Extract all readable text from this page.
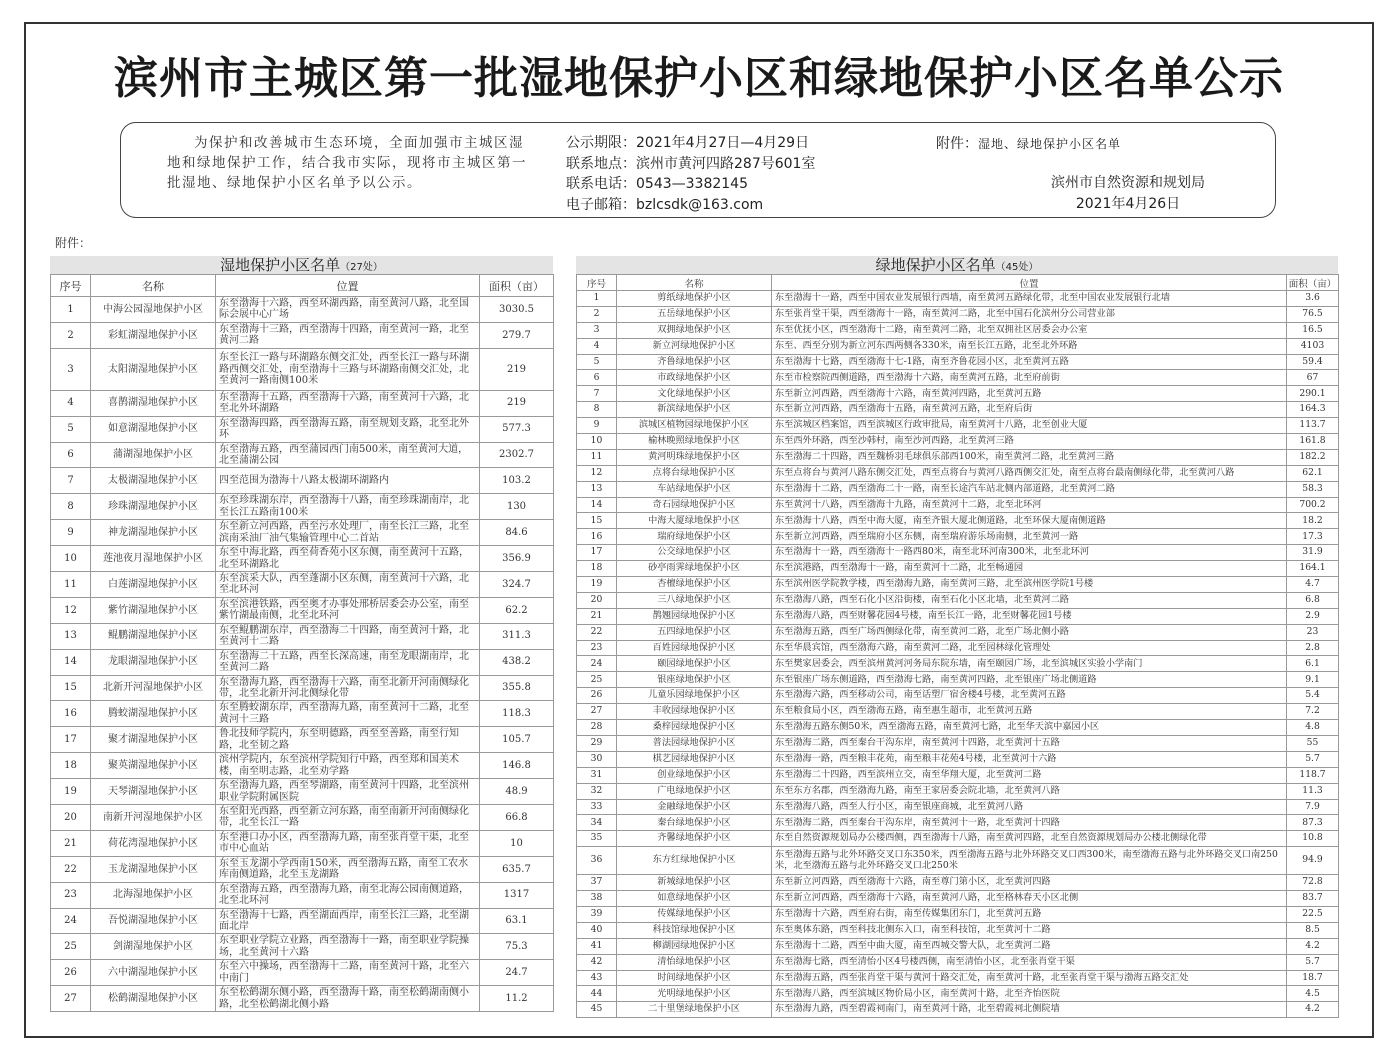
滨州市主城区第一批湿地保护小区和绿地保护小区名单公示

为保护和改善城市生态环境，全面加强市主城区湿地和绿地保护工作，结合我市实际，现将市主城区第一批湿地、绿地保护小区名单予以公示。

公示期限：2021年4月27日—4月29日
联系地点：滨州市黄河四路287号601室
联系电话：0543—3382145
电子邮箱：bzlcsdk@163.com
附件：湿地、绿地保护小区名单
滨州市自然资源和规划局
2021年4月26日
附件：
湿地保护小区名单（27处）
序号	名称	位置	面积（亩）
1	中海公园湿地保护小区	东至渤海十六路，西至环湖西路，南至黄河八路，北至国际会展中心广场	3030.5
2	彩虹湖湿地保护小区	东至渤海十三路，西至渤海十四路，南至黄河一路，北至黄河二路	279.7
3	太阳湖湿地保护小区	东至长江一路与环湖路东侧交汇处，西至长江一路与环湖路西侧交汇处，南至渤海十三路与环湖路南侧交汇处，北至黄河一路南侧100米	219
4	喜鹊湖湿地保护小区	东至渤海十五路，西至渤海十六路，南至黄河十六路，北至北外环湖路	219
5	如意湖湿地保护小区	东至渤海四路，西至渤海五路，南至规划支路，北至北外环	577.3
6	蒲湖湿地保护小区	东至渤海五路，西至蒲园西门南500米，南至黄河大道，北至蒲湖公园	2302.7
7	太极湖湿地保护小区	四至范围为渤海十八路太极湖环湖路内	103.2
8	珍珠湖湿地保护小区	东至珍珠湖东岸，西至渤海十八路，南至珍珠湖南岸，北至长江五路南100米	130
9	神龙湖湿地保护小区	东至新立河西路，西至污水处理厂，南至长江三路，北至滨南采油厂油气集输管理中心二首站	84.6
10	莲池夜月湿地保护小区	东至中海北路，西至荷香苑小区东侧，南至黄河十五路，北至环湖路北	356.9
11	白莲湖湿地保护小区	东至滨采大队，西至蓬湖小区东侧，南至黄河十六路，北至北环河	324.7
12	紫竹湖湿地保护小区	东至滨港铁路，西至奥才办事处邢桥居委会办公室，南至紫竹湖最南侧，北至北环河	62.2
13	鲲鹏湖湿地保护小区	东至鲲鹏湖东岸，西至渤海二十四路，南至黄河十路，北至黄河十二路	311.3
14	龙眼湖湿地保护小区	东至渤海二十五路，西至长深高速，南至龙眼湖南岸，北至黄河二路	438.2
15	北新开河湿地保护小区	东至渤海九路，西至渤海十六路，南至北新开河南侧绿化带，北至北新开河北侧绿化带	355.8
16	腾蛟湖湿地保护小区	东至腾蛟湖东岸，西至渤海九路，南至黄河十二路，北至黄河十三路	118.3
17	聚才湖湿地保护小区	鲁北技师学院内，东至明德路，西至至善路，南至行知路，北至韧之路	105.7
18	聚英湖湿地保护小区	滨州学院内，东至滨州学院知行中路，西至郑和国美术楼，南至明志路，北至劝学路	146.8
19	天琴湖湿地保护小区	东至渤海九路，西至琴湖路，南至黄河十四路，北至滨州职业学院附属医院	48.9
20	南新开河湿地保护小区	东至阳光西路，西至新立河东路，南至南新开河南侧绿化带，北至长江一路	66.8
21	荷花湾湿地保护小区	东至港口办小区，西至渤海九路，南至张肖堂干渠，北至市中心血站	10
22	玉龙湖湿地保护小区	东至玉龙湖小学西南150米，西至渤海五路，南至工农水库南侧道路，北至玉龙湖路	635.7
23	北海湿地保护小区	东至渤海五路，西至渤海九路，南至北海公园南侧道路，北至北环河	1317
24	吾悦湖湿地保护小区	东至渤海十七路，西至湖面西岸，南至长江三路，北至湖面北岸	63.1
25	剑湖湿地保护小区	东至职业学院立业路，西至渤海十一路，南至职业学院操场，北至黄河十六路	75.3
26	六中湖湿地保护小区	东至六中操场，西至渤海十二路，南至黄河十路，北至六中南门	24.7
27	松鹤湖湿地保护小区	东至松鹤湖东侧小路，西至渤海十路，南至松鹤湖南侧小路，北至松鹤湖北侧小路	11.2
绿地保护小区名单（45处）
序号	名称	位置	面积（亩）
1	剪纸绿地保护小区	东至渤海十一路，西至中国农业发展银行西墙，南至黄河五路绿化带，北至中国农业发展银行北墙	3.6
2	五岳绿地保护小区	东至张肖堂干渠，西至渤海十一路，南至黄河二路，北至中国石化滨州分公司营业部	76.5
3	双拥绿地保护小区	东至优抚小区，西至渤海十二路，南至黄河二路，北至双拥社区居委会办公室	16.5
4	新立河绿地保护小区	东至、西至分别为新立河东西两侧各330米，南至长江五路，北至北外环路	4103
5	齐鲁绿地保护小区	东至渤海十七路，西至渤海十七-1路，南至齐鲁花园小区，北至黄河五路	59.4
6	市政绿地保护小区	东至市检察院西侧道路，西至渤海十六路，南至黄河五路，北至府前街	67
7	文化绿地保护小区	东至新立河西路，西至渤海十六路，南至黄河四路，北至黄河五路	290.1
8	新滨绿地保护小区	东至新立河西路，西至渤海十五路，南至黄河五路，北至府后街	164.3
9	滨城区植物园绿地保护小区	东至滨城区档案馆，西至滨城区行政审批局，南至黄河十八路，北至创业大厦	113.7
10	榆林晚照绿地保护小区	东至西外环路，西至沙韩村，南至沙河西路，北至黄河三路	161.8
11	黄河明珠绿地保护小区	东至渤海二十四路，西至魏桥羽毛球俱乐部西100米，南至黄河二路，北至黄河三路	182.2
12	点将台绿地保护小区	东至点将台与黄河八路东侧交汇处，西至点将台与黄河八路西侧交汇处，南至点将台最南侧绿化带，北至黄河八路	62.1
13	车站绿地保护小区	东至渤海十二路，西至渤海二十一路，南至长途汽车站北侧内部道路，北至黄河二路	58.3
14	奇石园绿地保护小区	东至黄河十八路，西至渤海十九路，南至黄河十二路，北至北环河	700.2
15	中海大厦绿地保护小区	东至渤海十八路，西至中海大厦，南至齐银大厦北侧道路，北至环保大厦南侧道路	18.2
16	瑞府绿地保护小区	东至新立河西路，西至瑞府小区东侧，南至瑞府游乐场南侧，北至黄河一路	17.3
17	公交绿地保护小区	东至渤海十一路，西至渤海十一路西80米，南至北环河南300米，北至北环河	31.9
18	砂亭雨霁绿地保护小区	东至滨港路，西至渤海十一路，南至黄河十二路，北至畅通园	164.1
19	杏檀绿地保护小区	东至滨州医学院教学楼，西至渤海九路，南至黄河三路，北至滨州医学院1号楼	4.7
20	三八绿地保护小区	东至渤海八路，西至石化小区沿街楼，南至石化小区北墙，北至黄河二路	6.8
21	鹊翘园绿地保护小区	东至渤海八路，西至财馨花园4号楼，南至长江一路，北至财馨花园1号楼	2.9
22	五四绿地保护小区	东至渤海五路，西至广场西侧绿化带，南至黄河二路，北至广场北侧小路	23
23	百姓园绿地保护小区	东至华晨宾馆，西至渤海六路，南至黄河二路，北至园林绿化管理处	2.8
24	颐园绿地保护小区	东至樊家居委会，西至滨州黄河河务局东院东墙，南至颐园广场，北至滨城区实验小学南门	6.1
25	银座绿地保护小区	东至银座广场东侧道路，西至渤海七路，南至黄河四路，北至银座广场北侧道路	9.1
26	儿童乐园绿地保护小区	东至渤海六路，西至移动公司，南至话塑厂宿舍楼4号楼，北至黄河五路	5.4
27	丰收园绿地保护小区	东至粮食局小区，西至渤海五路，南至惠生超市，北至黄河五路	7.2
28	桑梓园绿地保护小区	东至渤海五路东侧50米，西至渤海五路，南至黄河七路，北至华天滨中嘉园小区	4.8
29	普法园绿地保护小区	东至渤海二路，西至秦台干沟东岸，南至黄河十四路，北至黄河十五路	55
30	棋艺园绿地保护小区	东至渤海一路，西至粮丰花苑，南至粮丰花苑4号楼，北至黄河十六路	5.7
31	创业绿地保护小区	东至渤海二十四路，西至滨州立交，南至华翔大厦，北至黄河二路	118.7
32	广电绿地保护小区	东至东方名郡，西至渤海九路，南至王家居委会院北墙，北至黄河八路	11.3
33	金融绿地保护小区	东至渤海八路，西至人行小区，南至银座商城，北至黄河八路	7.9
34	秦台绿地保护小区	东至渤海二路，西至秦台干沟东岸，南至黄河十一路，北至黄河十四路	87.3
35	齐馨绿地保护小区	东至自然资源规划局办公楼西侧，西至渤海十八路，南至黄河四路，北至自然资源规划局办公楼北侧绿化带	10.8
36	东方红绿地保护小区	东至渤海五路与北外环路交叉口东350米，西至渤海五路与北外环路交叉口西300米，南至渤海五路与北外环路交叉口南250米，北至渤海五路与北外环路交叉口北250米	94.9
37	新城绿地保护小区	东至新立河西路，西至渤海十六路，南至尊门第小区，北至黄河四路	72.8
38	如意绿地保护小区	东至新立河西路，西至渤海十六路，南至黄河八路，北至格林春天小区北侧	83.7
39	传媒绿地保护小区	东至渤海十六路，西至府右街，南至传媒集团东门，北至黄河五路	22.5
40	科技馆绿地保护小区	东至奥体东路，西至科技北侧东入口，南至科技馆，北至黄河十二路	8.5
41	柳湖园绿地保护小区	东至渤海十二路，西至中曲大厦，南至西城交警大队，北至黄河二路	4.2
42	清怡绿地保护小区	东至渤海七路，西至清怡小区4号楼西侧，南至清怡小区，北至张肖堂干渠	5.7
43	时间绿地保护小区	东至渤海五路，西至张肖堂干渠与黄河十路交汇处，南至黄河十路，北至张肖堂干渠与渤海五路交汇处	18.7
44	光明绿地保护小区	东至渤海八路，西至滨城区物价局小区，南至黄河十路，北至齐怡医院	4.5
45	二十里堡绿地保护小区	东至渤海九路，西至碧霞祠南门，南至黄河十路，北至碧霞祠北侧院墙	4.2
